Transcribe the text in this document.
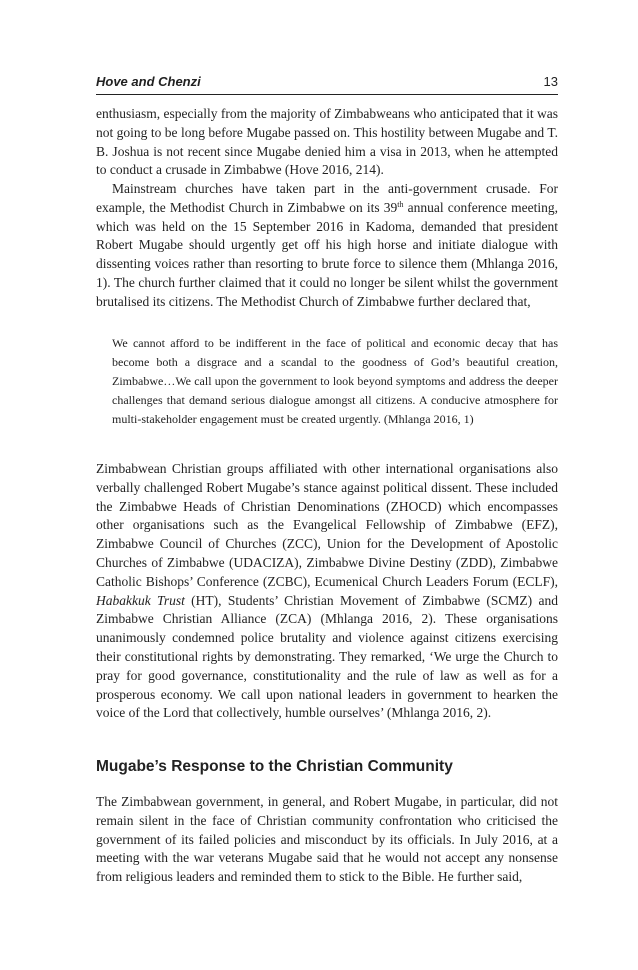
Hove and Chenzi	13

enthusiasm, especially from the majority of Zimbabweans who anticipated that it was not going to be long before Mugabe passed on. This hostility between Mugabe and T. B. Joshua is not recent since Mugabe denied him a visa in 2013, when he attempted to conduct a crusade in Zimbabwe (Hove 2016, 214).

Mainstream churches have taken part in the anti-government crusade. For example, the Methodist Church in Zimbabwe on its 39th annual conference meeting, which was held on the 15 September 2016 in Kadoma, demanded that president Robert Mugabe should urgently get off his high horse and initiate dialogue with dissenting voices rather than resorting to brute force to silence them (Mhlanga 2016, 1). The church further claimed that it could no longer be silent whilst the government brutalised its citizens. The Methodist Church of Zimbabwe further declared that,

We cannot afford to be indifferent in the face of political and economic decay that has become both a disgrace and a scandal to the goodness of God’s beautiful creation, Zimbabwe…We call upon the government to look beyond symptoms and address the deeper challenges that demand serious dialogue amongst all citizens. A conducive atmosphere for multi-stakeholder engagement must be created urgently. (Mhlanga 2016, 1)

Zimbabwean Christian groups affiliated with other international organisations also verbally challenged Robert Mugabe’s stance against political dissent. These included the Zimbabwe Heads of Christian Denominations (ZHOCD) which encompasses other organisations such as the Evangelical Fellowship of Zimbabwe (EFZ), Zimbabwe Council of Churches (ZCC), Union for the Development of Apostolic Churches of Zimbabwe (UDACIZA), Zimbabwe Divine Destiny (ZDD), Zimbabwe Catholic Bishops’ Conference (ZCBC), Ecumenical Church Leaders Forum (ECLF), Habakkuk Trust (HT), Students’ Christian Movement of Zimbabwe (SCMZ) and Zimbabwe Christian Alliance (ZCA) (Mhlanga 2016, 2). These organisations unanimously condemned police brutality and violence against citizens exercising their constitutional rights by demonstrating. They remarked, ‘We urge the Church to pray for good governance, constitutionality and the rule of law as well as for a prosperous economy. We call upon national leaders in government to hearken the voice of the Lord that collectively, humble ourselves’ (Mhlanga 2016, 2).

Mugabe’s Response to the Christian Community

The Zimbabwean government, in general, and Robert Mugabe, in particular, did not remain silent in the face of Christian community confrontation who criticised the government of its failed policies and misconduct by its officials. In July 2016, at a meeting with the war veterans Mugabe said that he would not accept any nonsense from religious leaders and reminded them to stick to the Bible. He further said,
